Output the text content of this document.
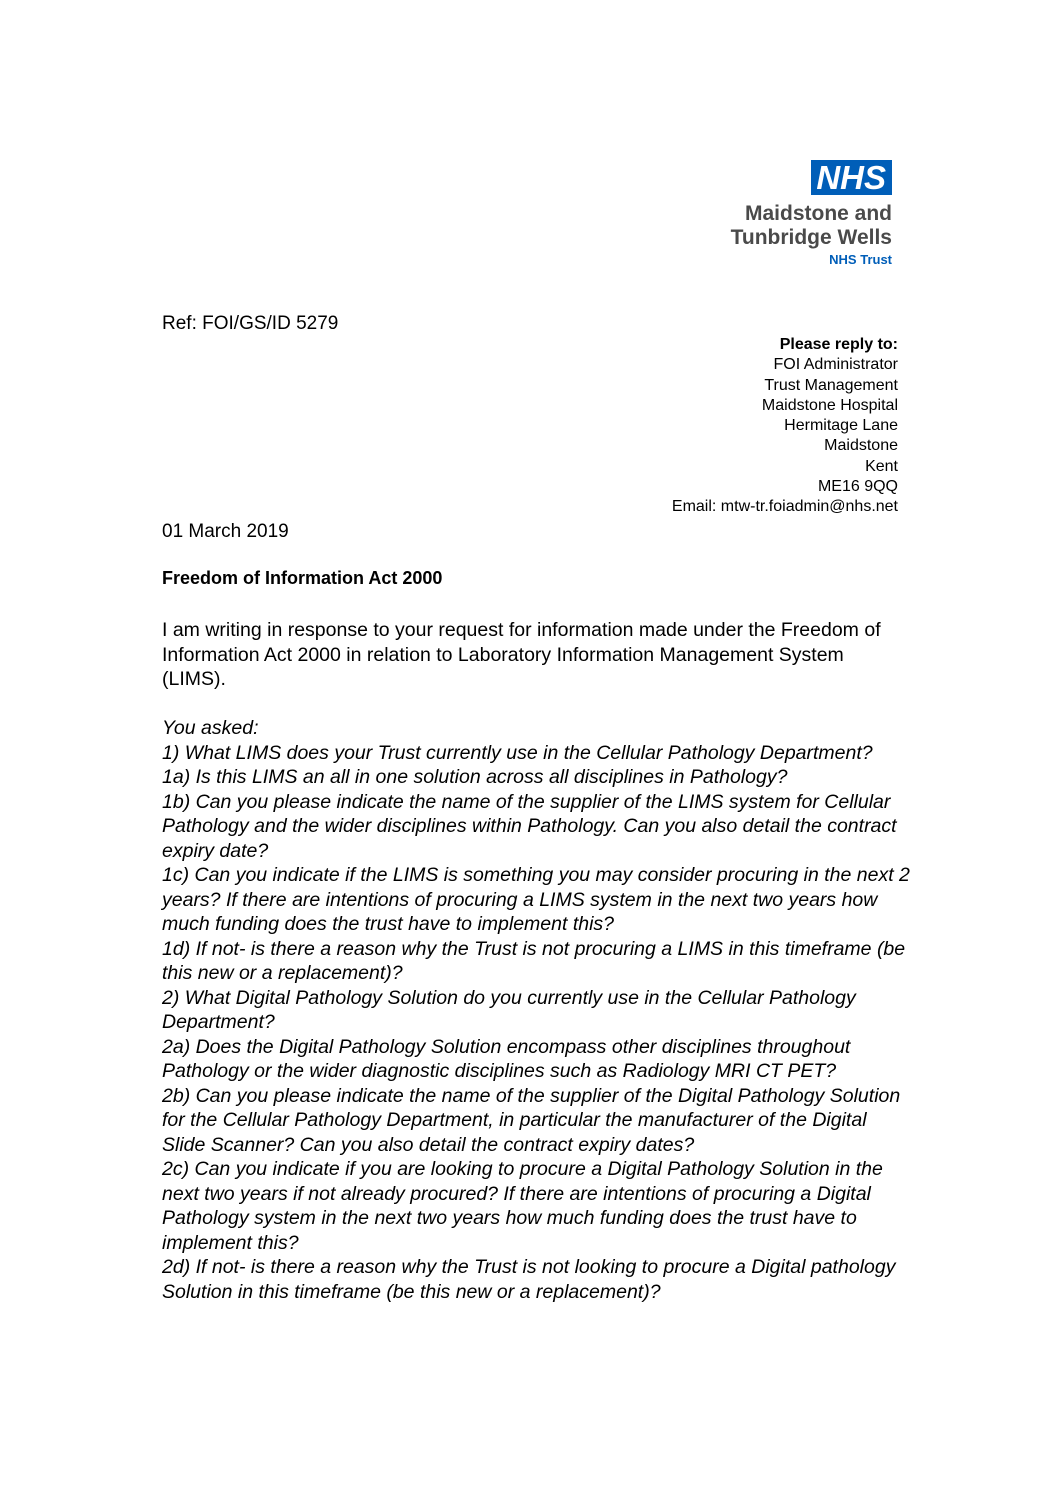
NHS
Maidstone and
Tunbridge Wells
NHS Trust
Ref: FOI/GS/ID 5279
Please reply to:
FOI Administrator
Trust Management
Maidstone Hospital
Hermitage Lane
Maidstone
Kent
ME16 9QQ
Email: mtw-tr.foiadmin@nhs.net
01 March 2019
Freedom of Information Act 2000

I am writing in response to your request for information made under the Freedom of Information Act 2000 in relation to Laboratory Information Management System (LIMS).

You asked:

1) What LIMS does your Trust currently use in the Cellular Pathology Department?

1a) Is this LIMS an all in one solution across all disciplines in Pathology?

1b) Can you please indicate the name of the supplier of the LIMS system for Cellular Pathology and the wider disciplines within Pathology. Can you also detail the contract expiry date?

1c) Can you indicate if the LIMS is something you may consider procuring in the next 2 years? If there are intentions of procuring a LIMS system in the next two years how much funding does the trust have to implement this?

1d) If not- is there a reason why the Trust is not procuring a LIMS in this timeframe (be this new or a replacement)?

2) What Digital Pathology Solution do you currently use in the Cellular Pathology Department?

2a) Does the Digital Pathology Solution encompass other disciplines throughout Pathology or the wider diagnostic disciplines such as Radiology MRI CT PET?

2b) Can you please indicate the name of the supplier of the Digital Pathology Solution for the Cellular Pathology Department, in particular the manufacturer of the Digital Slide Scanner? Can you also detail the contract expiry dates?

2c) Can you indicate if you are looking to procure a Digital Pathology Solution in the next two years if not already procured? If there are intentions of procuring a Digital Pathology system in the next two years how much funding does the trust have to implement this?

2d) If not- is there a reason why the Trust is not looking to procure a Digital pathology Solution in this timeframe (be this new or a replacement)?
